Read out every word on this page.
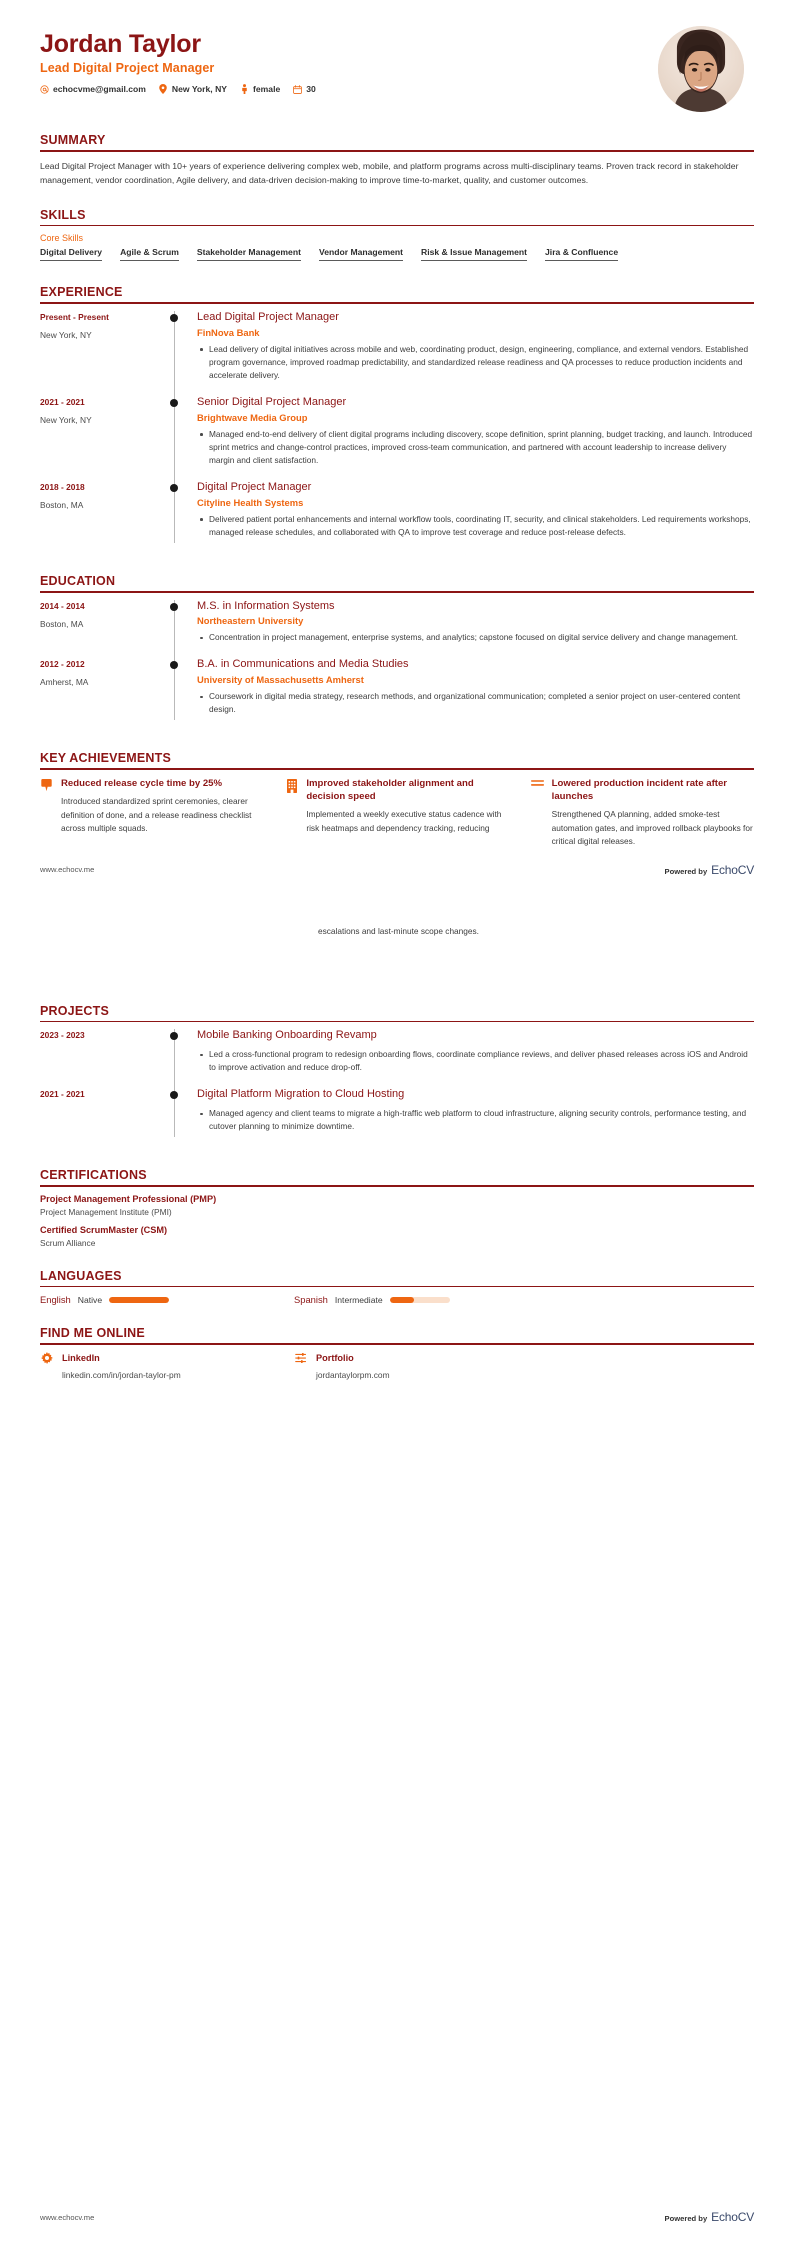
Jordan Taylor
Lead Digital Project Manager
echocvme@gmail.com	New York, NY	female	30
SUMMARY
Lead Digital Project Manager with 10+ years of experience delivering complex web, mobile, and platform programs across multi-disciplinary teams. Proven track record in stakeholder management, vendor coordination, Agile delivery, and data-driven decision-making to improve time-to-market, quality, and customer outcomes.
SKILLS
Core Skills
Digital Delivery Agile & Scrum Stakeholder Management Vendor Management Risk & Issue Management Jira & Confluence
EXPERIENCE
Present - Present
New York, NY
Lead Digital Project Manager
FinNova Bank
Lead delivery of digital initiatives across mobile and web, coordinating product, design, engineering, compliance, and external vendors. Established program governance, improved roadmap predictability, and standardized release readiness and QA processes to reduce production incidents and accelerate delivery.
2021 - 2021
New York, NY
Senior Digital Project Manager
Brightwave Media Group
Managed end-to-end delivery of client digital programs including discovery, scope definition, sprint planning, budget tracking, and launch. Introduced sprint metrics and change-control practices, improved cross-team communication, and partnered with account leadership to increase delivery margin and client satisfaction.
2018 - 2018
Boston, MA
Digital Project Manager
Cityline Health Systems
Delivered patient portal enhancements and internal workflow tools, coordinating IT, security, and clinical stakeholders. Led requirements workshops, managed release schedules, and collaborated with QA to improve test coverage and reduce post-release defects.
EDUCATION
2014 - 2014
Boston, MA
M.S. in Information Systems
Northeastern University
Concentration in project management, enterprise systems, and analytics; capstone focused on digital service delivery and change management.
2012 - 2012
Amherst, MA
B.A. in Communications and Media Studies
University of Massachusetts Amherst
Coursework in digital media strategy, research methods, and organizational communication; completed a senior project on user-centered content design.
KEY ACHIEVEMENTS
Reduced release cycle time by 25%
Introduced standardized sprint ceremonies, clearer definition of done, and a release readiness checklist across multiple squads.
Improved stakeholder alignment and decision speed
Implemented a weekly executive status cadence with risk heatmaps and dependency tracking, reducing
Lowered production incident rate after launches
Strengthened QA planning, added smoke-test automation gates, and improved rollback playbooks for critical digital releases.
www.echocv.me	Powered by EchoCV
escalations and last-minute scope changes.
PROJECTS
2023 - 2023	Mobile Banking Onboarding Revamp
Led a cross-functional program to redesign onboarding flows, coordinate compliance reviews, and deliver phased releases across iOS and Android to improve activation and reduce drop-off.
2021 - 2021	Digital Platform Migration to Cloud Hosting
Managed agency and client teams to migrate a high-traffic web platform to cloud infrastructure, aligning security controls, performance testing, and cutover planning to minimize downtime.
CERTIFICATIONS
Project Management Professional (PMP)
Project Management Institute (PMI)
Certified ScrumMaster (CSM)
Scrum Alliance
LANGUAGES
English Native	Spanish Intermediate
FIND ME ONLINE
LinkedIn
linkedin.com/in/jordan-taylor-pm
Portfolio
jordantaylorpm.com
www.echocv.me	Powered by EchoCV
